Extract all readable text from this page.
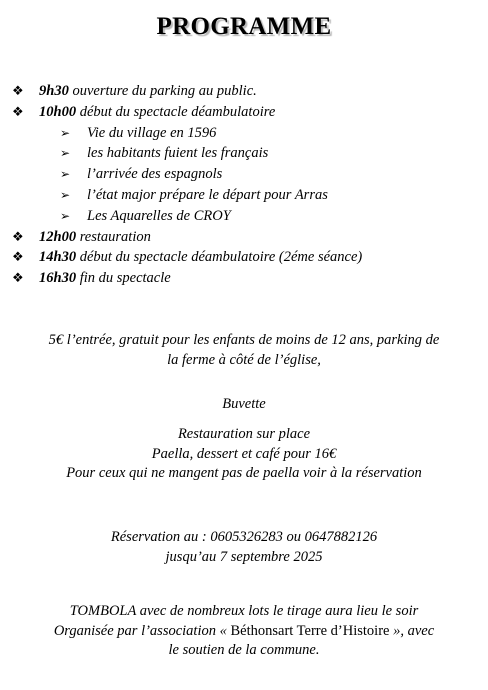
PROGRAMME
❖ 9h30 ouverture du parking au public.
❖ 10h00 début du spectacle déambulatoire
➢ Vie du village en 1596
➢ les habitants fuient les français
➢ l’arrivée des espagnols
➢ l’état major prépare le départ pour Arras
➢ Les Aquarelles de CROY
❖ 12h00 restauration
❖ 14h30 début du spectacle déambulatoire (2éme séance)
❖ 16h30 fin du spectacle
5€ l’entrée, gratuit pour les enfants de moins de 12 ans, parking de
la ferme à côté de l’église,
Buvette
Restauration sur place
Paella, dessert et café pour 16€
Pour ceux qui ne mangent pas de paella voir à la réservation
Réservation au : 0605326283 ou 0647882126
jusqu’au 7 septembre 2025
TOMBOLA avec de nombreux lots le tirage aura lieu le soir
Organisée par l’association « Béthonsart Terre d’Histoire », avec
le soutien de la commune.
